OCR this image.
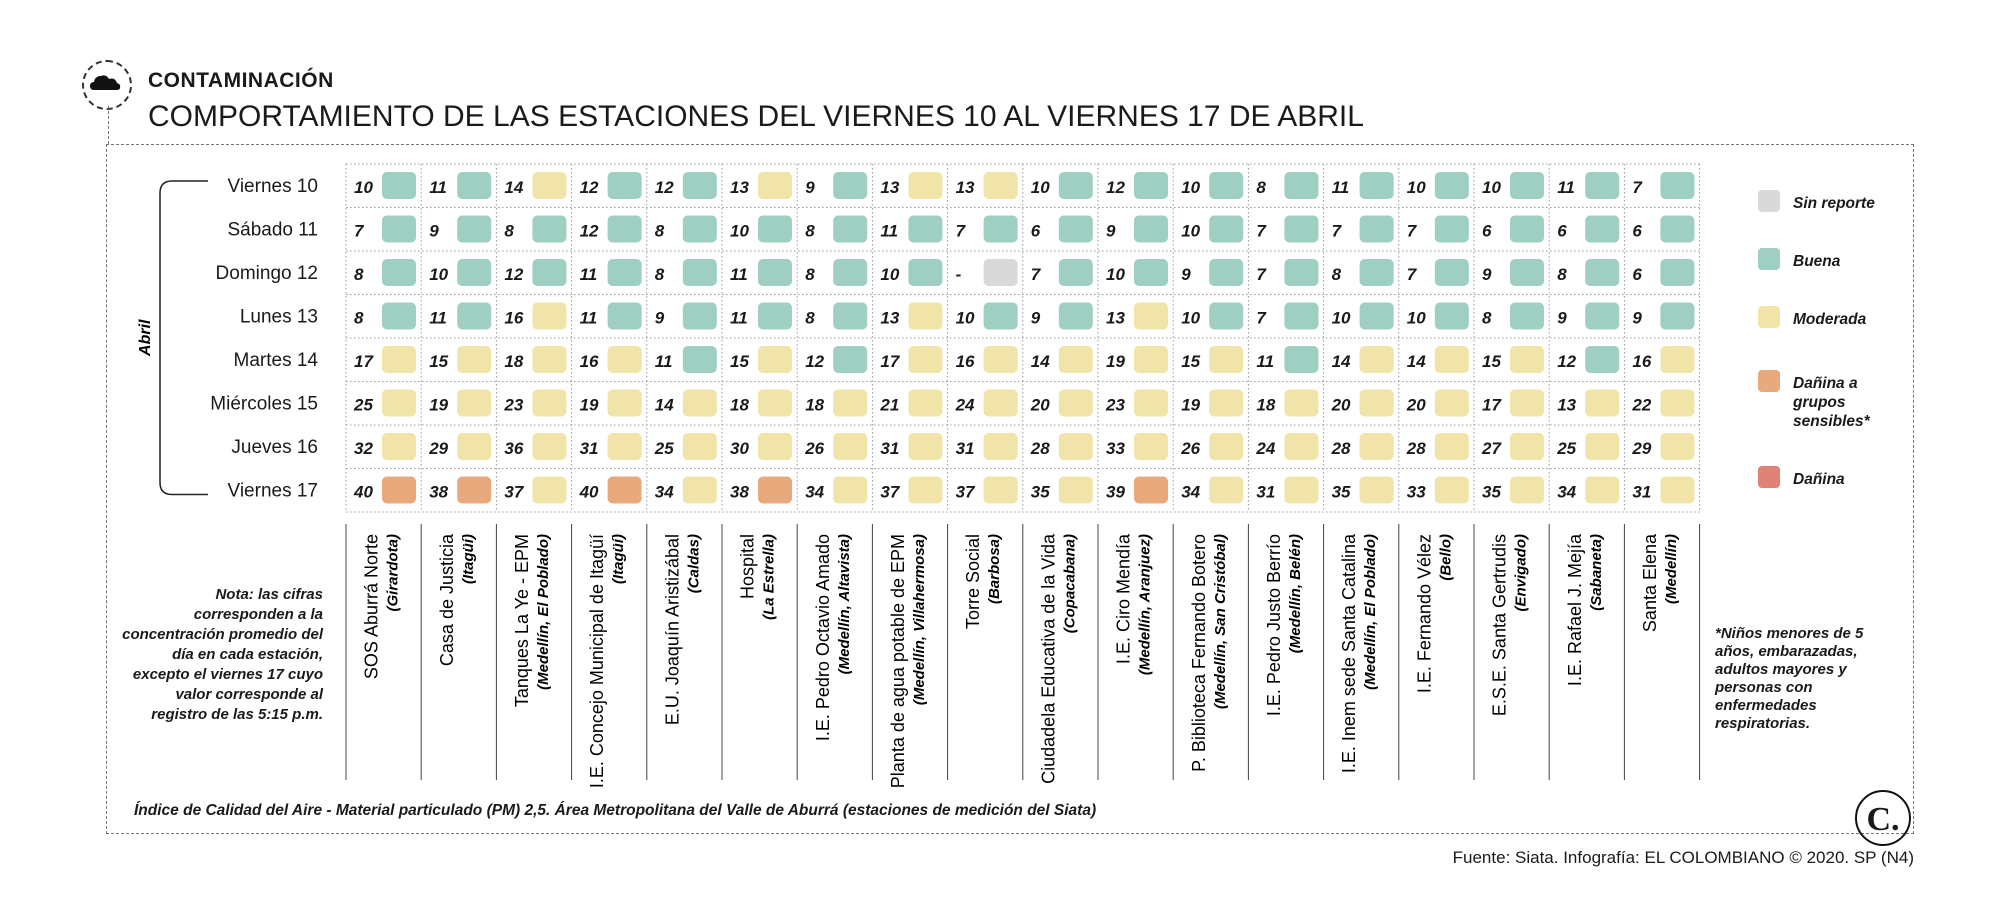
CONTAMINACIÓN
COMPORTAMIENTO DE LAS ESTACIONES DEL VIERNES 10 AL VIERNES 17 DE ABRIL
Viernes 10
Sábado 11
Domingo 12
Lunes 13
Martes 14
Miércoles 15
Jueves 16
Viernes 17
Abril
10	11	14	12	12	13	9	13	13	10	12	10	8	11	10	10	11	7
7	9	8	12	8	10	8	11	7	6	9	10	7	7	7	6	6	6
8	10	12	11	8	11	8	10	-	7	10	9	7	8	7	9	8	6
8	11	16	11	9	11	8	13	10	9	13	10	7	10	10	8	9	9
17	15	18	16	11	15	12	17	16	14	19	15	11	14	14	15	12	16
25	19	23	19	14	18	18	21	24	20	23	19	18	20	20	17	13	22
32	29	36	31	25	30	26	31	31	28	33	26	24	28	28	27	25	29
40	38	37	40	34	38	34	37	37	35	39	34	31	35	33	35	34	31
SOS Aburrá Norte (Girardota) Casa de Justicia (Itagüí) Tanques La Ye - EPM (Medellín, El Poblado) I.E. Concejo Municipal de Itagüí (Itagüí) E.U. Joaquín Aristizábal (Caldas) Hospital (La Estrella) I.E. Pedro Octavio Amado (Medellín, Altavista) Planta de agua potable de EPM (Medellín, Villahermosa) Torre Social (Barbosa) Ciudadela Educativa de la Vida (Copacabana) I.E. Ciro Mendía (Medellín, Aranjuez) P. Biblioteca Fernando Botero (Medellín, San Cristóbal) I.E. Pedro Justo Berrío (Medellín, Belén) I.E. Inem sede Santa Catalina (Medellín, El Poblado) I.E. Fernando Vélez (Bello) E.S.E. Santa Gertrudis (Envigado) I.E. Rafael J. Mejía (Sabaneta) Santa Elena (Medellín)
Nota: las cifras corresponden a la concentración promedio del día en cada estación, excepto el viernes 17 cuyo valor corresponde al registro de las 5:15 p.m.
*Niños menores de 5 años, embarazadas, adultos mayores y personas con enfermedades respiratorias.
Sin reporte
Buena
Moderada
Dañina a grupos sensibles*
Dañina
Índice de Calidad del Aire - Material particulado (PM) 2,5. Área Metropolitana del Valle de Aburrá (estaciones de medición del Siata)	C.
Fuente: Siata. Infografía: EL COLOMBIANO © 2020. SP (N4)
